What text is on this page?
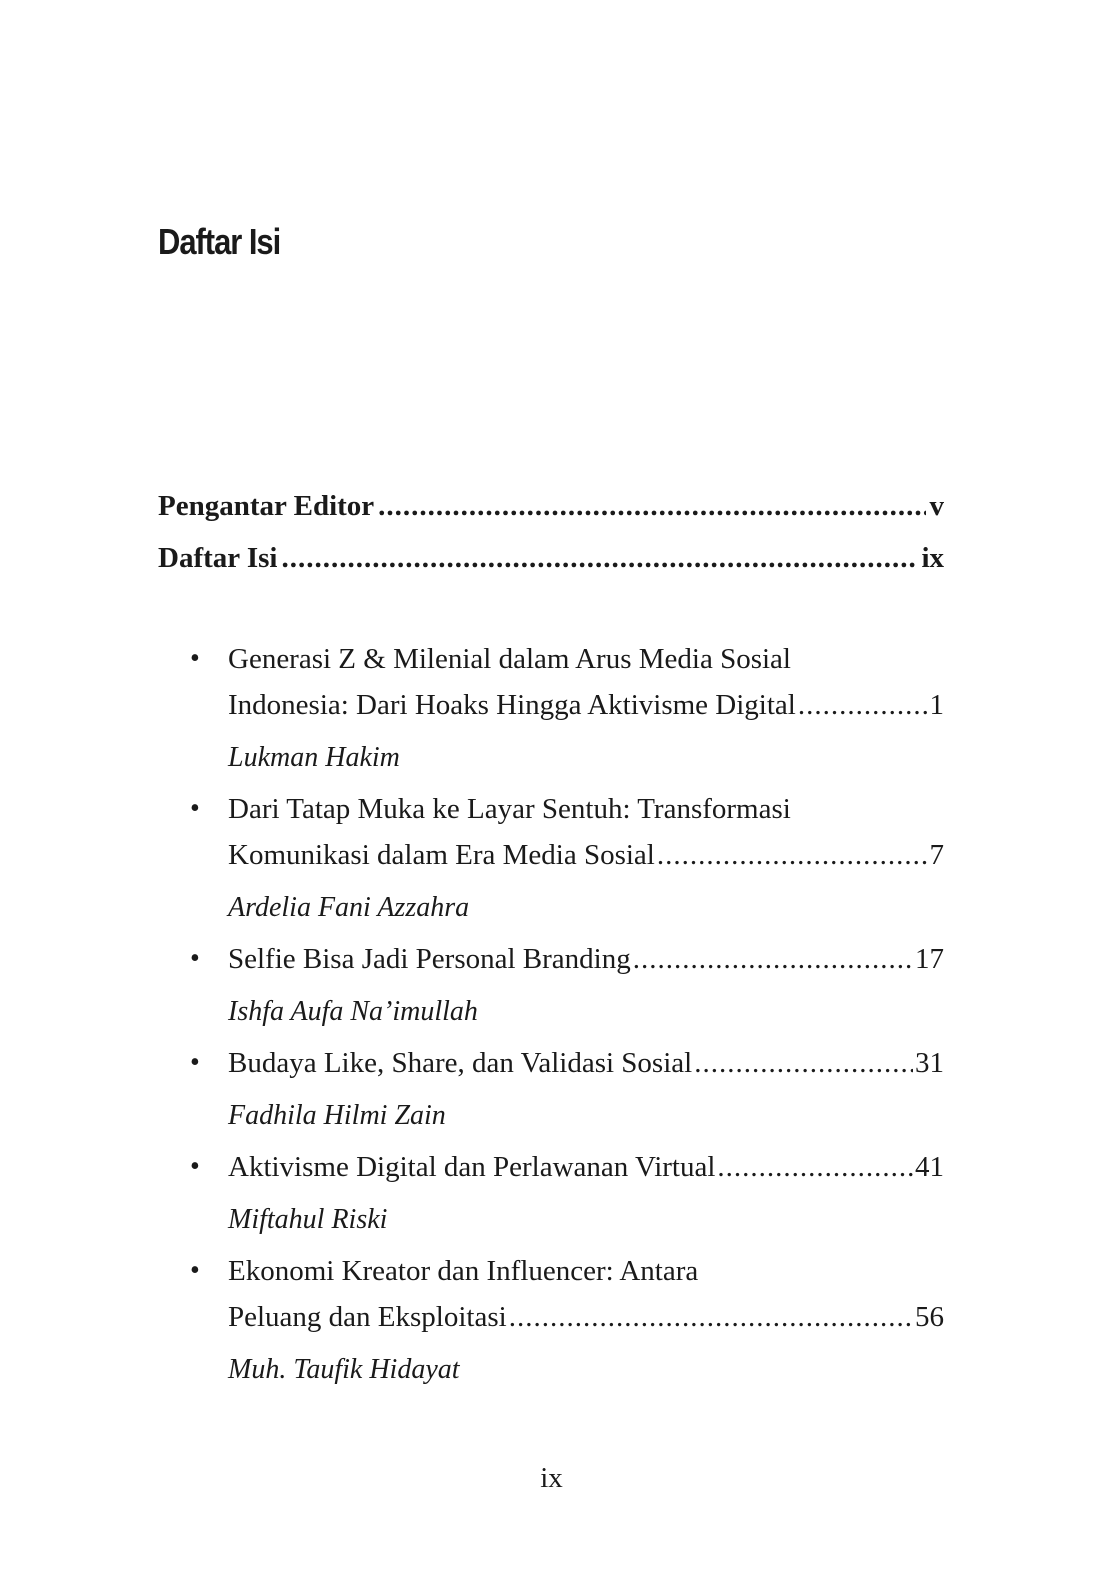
Daftar Isi
Pengantar Editor .....	v
Daftar Isi .....	ix
• Generasi Z & Milenial dalam Arus Media Sosial
Indonesia: Dari Hoaks Hingga Aktivisme Digital .....	1
Lukman Hakim
• Dari Tatap Muka ke Layar Sentuh: Transformasi
Komunikasi dalam Era Media Sosial .....	7
Ardelia Fani Azzahra
• Selfie Bisa Jadi Personal Branding .....	17
Ishfa Aufa Na’imullah
• Budaya Like, Share, dan Validasi Sosial .....	31
Fadhila Hilmi Zain
• Aktivisme Digital dan Perlawanan Virtual .....	41
Miftahul Riski
• Ekonomi Kreator dan Influencer: Antara
Peluang dan Eksploitasi .....	56
Muh. Taufik Hidayat
ix
